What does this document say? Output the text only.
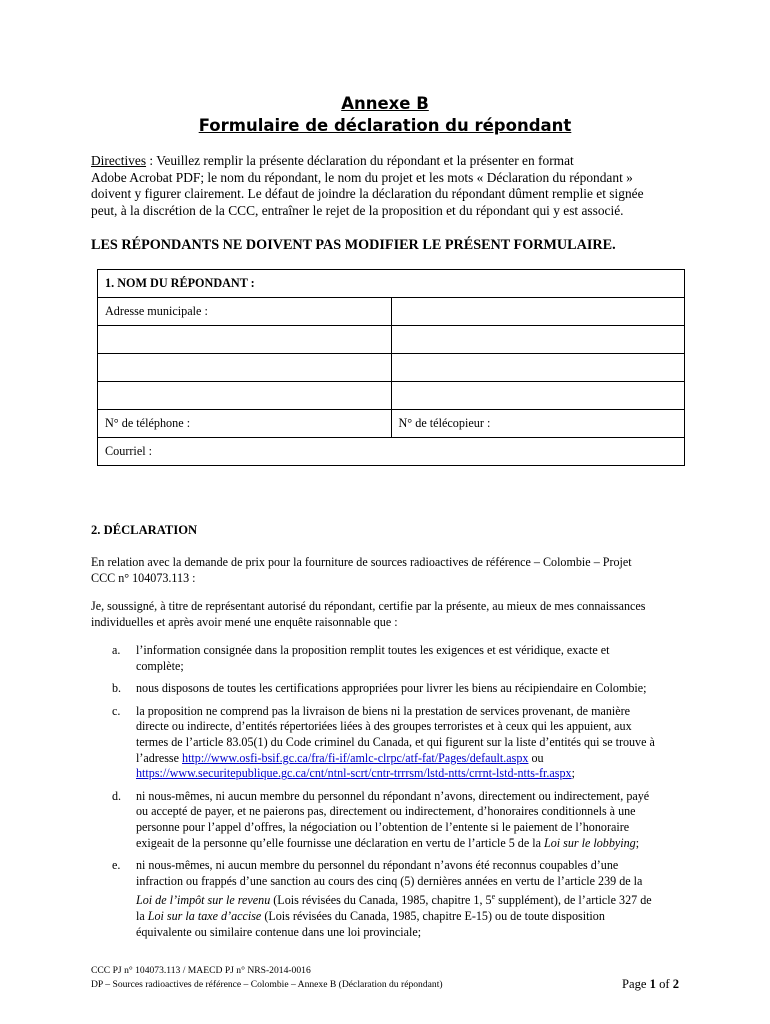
Annexe B
Formulaire de déclaration du répondant
Directives : Veuillez remplir la présente déclaration du répondant et la présenter en format
Adobe Acrobat PDF; le nom du répondant, le nom du projet et les mots « Déclaration du répondant »
doivent y figurer clairement. Le défaut de joindre la déclaration du répondant dûment remplie et signée
peut, à la discrétion de la CCC, entraîner le rejet de la proposition et du répondant qui y est associé.
LES RÉPONDANTS NE DOIVENT PAS MODIFIER LE PRÉSENT FORMULAIRE.
1. NOM DU RÉPONDANT :	
Adresse municipale :	

N° de téléphone :	N° de télécopieur :
Courriel :	
2. DÉCLARATION
En relation avec la demande de prix pour la fourniture de sources radioactives de référence – Colombie – Projet
CCC n° 104073.113 :
Je, soussigné, à titre de représentant autorisé du répondant, certifie par la présente, au mieux de mes connaissances
individuelles et après avoir mené une enquête raisonnable que :
a.	l’information consignée dans la proposition remplit toutes les exigences et est véridique, exacte et
complète;
b.	nous disposons de toutes les certifications appropriées pour livrer les biens au récipiendaire en Colombie;
c.	la proposition ne comprend pas la livraison de biens ni la prestation de services provenant, de manière
directe ou indirecte, d’entités répertoriées liées à des groupes terroristes et à ceux qui les appuient, aux
termes de l’article 83.05(1) du Code criminel du Canada, et qui figurent sur la liste d’entités qui se trouve à
l’adresse http://www.osfi-bsif.gc.ca/fra/fi-if/amlc-clrpc/atf-fat/Pages/default.aspx ou
https://www.securitepublique.gc.ca/cnt/ntnl-scrt/cntr-trrrsm/lstd-ntts/crrnt-lstd-ntts-fr.aspx;
d.	ni nous-mêmes, ni aucun membre du personnel du répondant n’avons, directement ou indirectement, payé
ou accepté de payer, et ne paierons pas, directement ou indirectement, d’honoraires conditionnels à une
personne pour l’appel d’offres, la négociation ou l’obtention de l’entente si le paiement de l’honoraire
exigeait de la personne qu’elle fournisse une déclaration en vertu de l’article 5 de la Loi sur le lobbying;
e.	ni nous-mêmes, ni aucun membre du personnel du répondant n’avons été reconnus coupables d’une
infraction ou frappés d’une sanction au cours des cinq (5) dernières années en vertu de l’article 239 de la
Loi de l’impôt sur le revenu (Lois révisées du Canada, 1985, chapitre 1, 5e supplément), de l’article 327 de
la Loi sur la taxe d’accise (Lois révisées du Canada, 1985, chapitre E-15) ou de toute disposition
équivalente ou similaire contenue dans une loi provinciale;
CCC PJ n° 104073.113 / MAECD PJ n° NRS-2014-0016
DP – Sources radioactives de référence – Colombie – Annexe B (Déclaration du répondant)	Page 1 of 2
